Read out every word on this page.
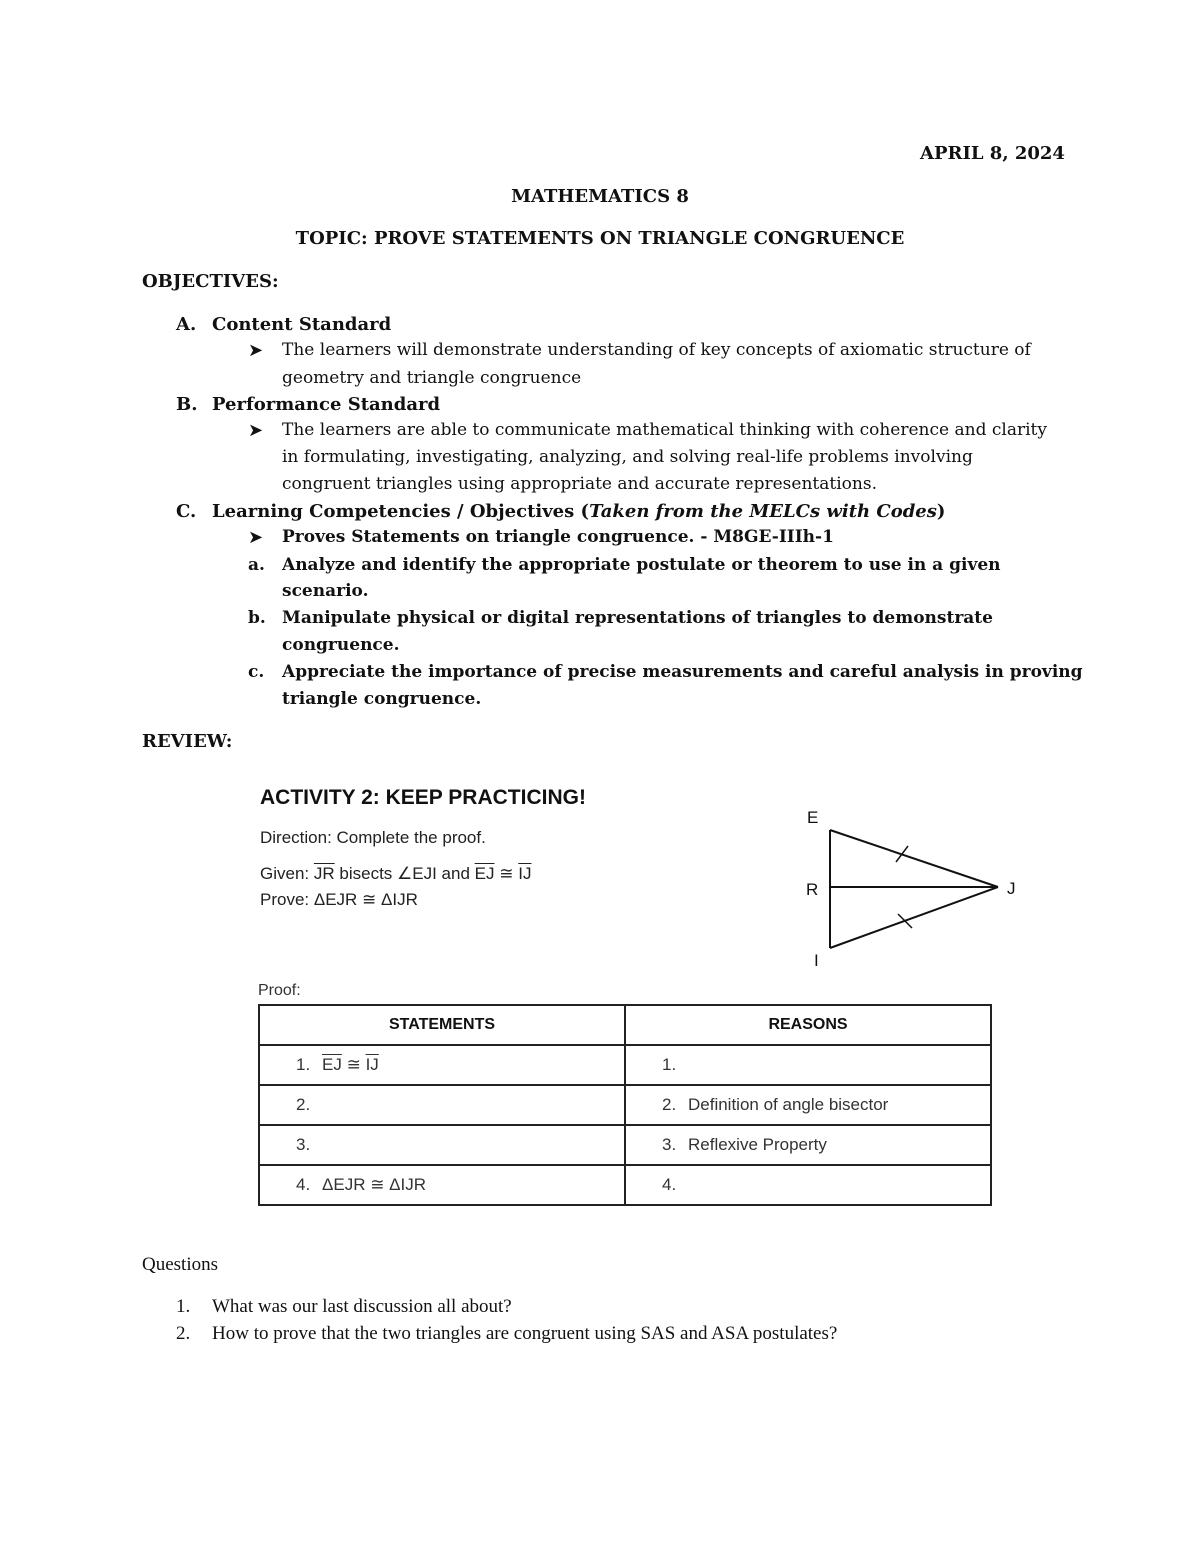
APRIL 8, 2024
MATHEMATICS 8
TOPIC: PROVE STATEMENTS ON TRIANGLE CONGRUENCE
OBJECTIVES:
A. Content Standard
➤ The learners will demonstrate understanding of key concepts of axiomatic structure of
geometry and triangle congruence
B. Performance Standard
➤ The learners are able to communicate mathematical thinking with coherence and clarity
in formulating, investigating, analyzing, and solving real-life problems involving
congruent triangles using appropriate and accurate representations.
C. Learning Competencies / Objectives (Taken from the MELCs with Codes)
➤ Proves Statements on triangle congruence. - M8GE-IIIh-1
a. Analyze and identify the appropriate postulate or theorem to use in a given
scenario.
b. Manipulate physical or digital representations of triangles to demonstrate
congruence.
c. Appreciate the importance of precise measurements and careful analysis in proving
triangle congruence.
REVIEW:
ACTIVITY 2: KEEP PRACTICING!
Direction: Complete the proof.
Given: $\overline{JR}$ bisects ∠EJI and $\overline{EJ}$ ≅ $\overline{IJ}$
Prove: ΔEJR ≅ ΔIJR
E
R	J
I
Proof:
STATEMENTS	REASONS
1. $\overline{EJ}$ ≅ $\overline{IJ}$	1.
2.	2. Definition of angle bisector
3.	3. Reflexive Property
4. ΔEJR ≅ ΔIJR	4.
Questions
1. What was our last discussion all about?
2. How to prove that the two triangles are congruent using SAS and ASA postulates?
